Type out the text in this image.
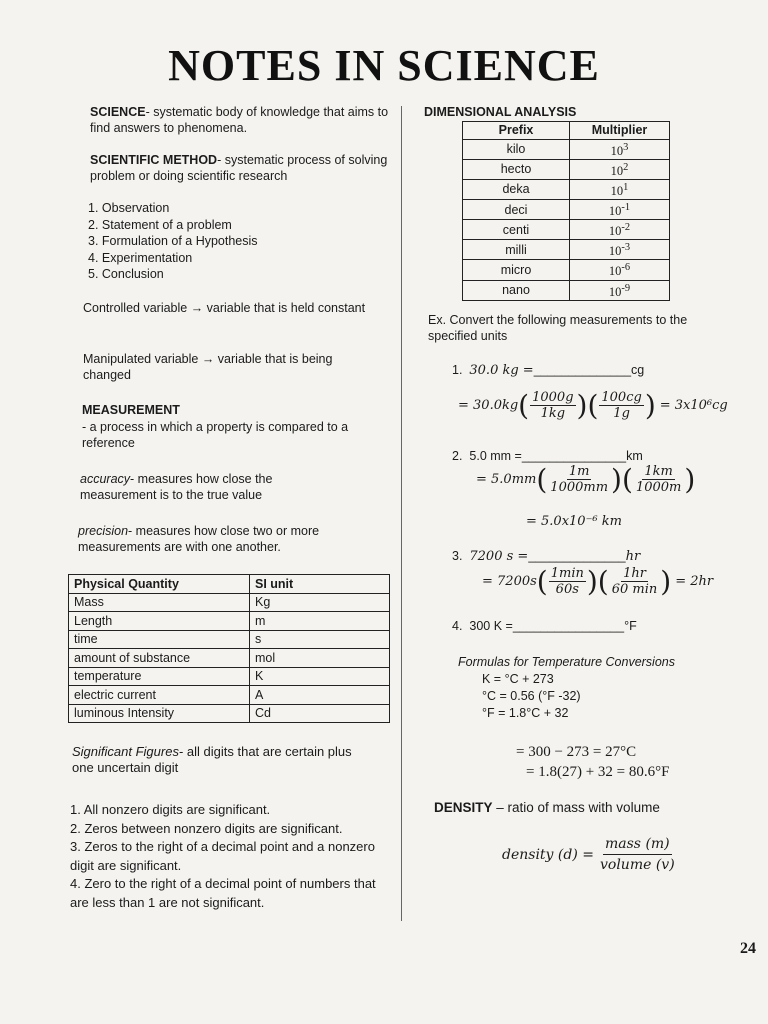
NOTES IN SCIENCE
SCIENCE- systematic body of knowledge that aims to find answers to phenomena.
SCIENTIFIC METHOD- systematic process of solving problem or doing scientific research
1. Observation
2. Statement of a problem
3. Formulation of a Hypothesis
4. Experimentation
5. Conclusion
Controlled variable → variable that is held constant
Manipulated variable → variable that is being changed
MEASUREMENT
- a process in which a property is compared to a reference
accuracy- measures how close the measurement is to the true value
precision- measures how close two or more measurements are with one another.
Physical Quantity	SI unit
Mass	Kg
Length	m
time	s
amount of substance	mol
temperature	K
electric current	A
luminous Intensity	Cd
Significant Figures- all digits that are certain plus one uncertain digit
1. All nonzero digits are significant.
2. Zeros between nonzero digits are significant.
3. Zeros to the right of a decimal point and a nonzero digit are significant.
4. Zero to the right of a decimal point of numbers that are less than 1 are not significant.
DIMENSIONAL ANALYSIS
Prefix	Multiplier
kilo	$10^3$
hecto	$10^2$
deka	$10^1$
deci	$10^{-1}$
centi	$10^{-2}$
milli	$10^{-3}$
micro	$10^{-6}$
nano	$10^{-9}$
Ex. Convert the following measurements to the specified units
1. 30.0 kg =______________cg
= 30.0kg ( $\frac{1000g}{1kg}$ ) ( $\frac{100cg}{1g}$ ) = 3x10⁶cg
2. 5.0 mm =_______________km
= 5.0mm ( $\frac{1m}{1000mm}$ ) ( $\frac{1km}{1000m}$ )
= 5.0x10⁻⁶ km
3. 7200 s =______________hr
= 7200s ( $\frac{1\min}{60s}$ ) ( $\frac{1hr}{60 \min}$ ) = 2hr
4. 300 K =________________°F
Formulas for Temperature Conversions
K = °C + 273
°C = 0.56 (°F -32)
°F = 1.8°C + 32
= 300 − 273 = 27°C
= 1.8(27) + 32 = 80.6°F
DENSITY – ratio of mass with volume
density $(d) = \frac{\text{mass (m)}}{\text{volume (v)}}$
24
